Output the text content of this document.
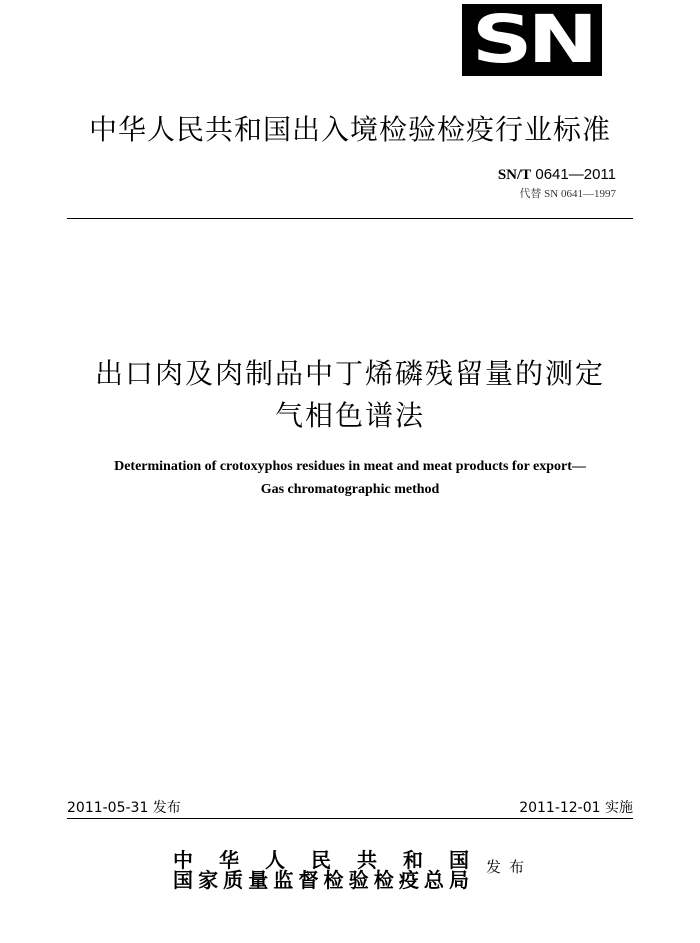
SN
中华人民共和国出入境检验检疫行业标准
SN/T 0641—2011
代替 SN 0641—1997
出口肉及肉制品中丁烯磷残留量的测定
气相色谱法
Determination of crotoxyphos residues in meat and meat products for export—
Gas chromatographic method
2011-05-31 发布	2011-12-01 实施
中 华 人 民 共 和 国
国家质量监督检验检疫总局
发布
